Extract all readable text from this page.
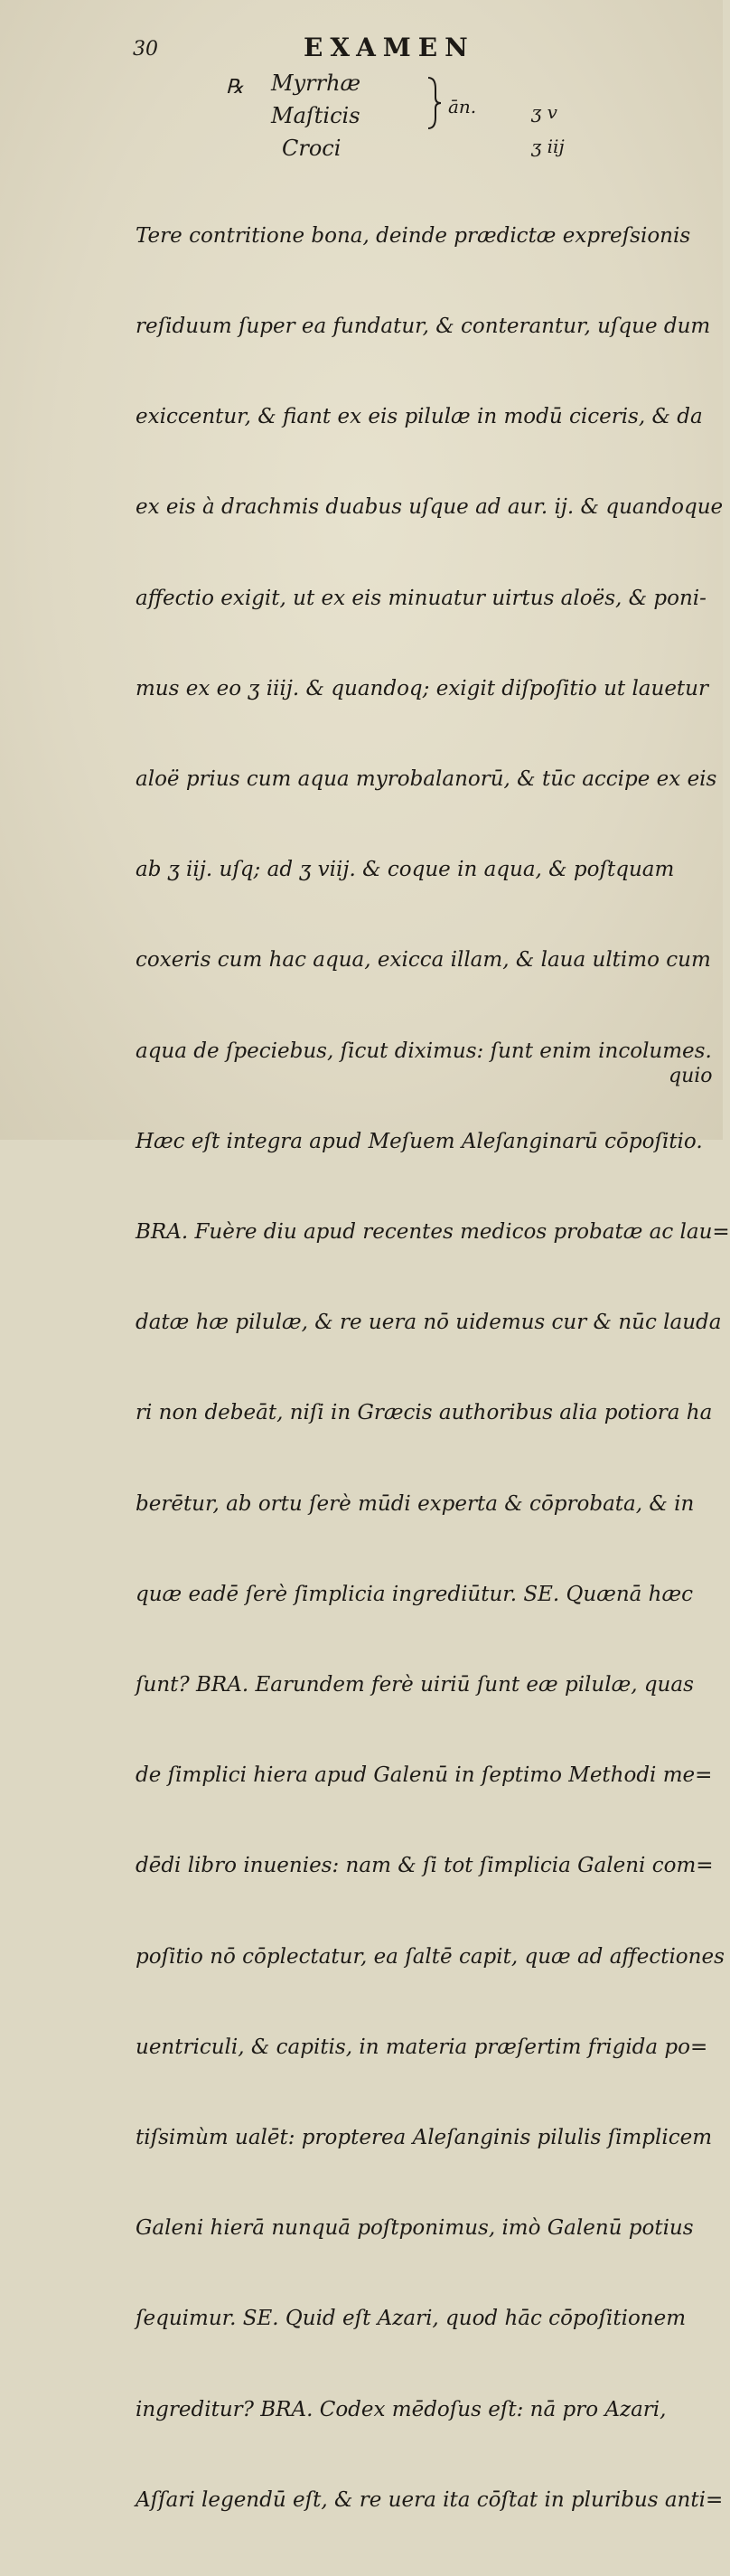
30	EXAMEN
℞ Myrrhæ
Maſticis
Croci
ān.	ʒ v
ʒ iij

Tere contritione bona, deinde prædictæ expreſsionis

reſiduum ſuper ea fundatur, & conterantur, uſque dum

exiccentur, & fiant ex eis pilulæ in modū ciceris, & da

ex eis à drachmis duabus uſque ad aur. ij. & quandoque

affectio exigit, ut ex eis minuatur uirtus aloës, & poni-

mus ex eo ʒ iiij. & quandoq; exigit diſpoſitio ut lauetur

aloë prius cum aqua myrobalanorū, & tūc accipe ex eis

ab ʒ iij. uſq; ad ʒ viij. & coque in aqua, & poſtquam

coxeris cum hac aqua, exicca illam, & laua ultimo cum

aqua de ſpeciebus, ſicut diximus: ſunt enim incolumes.

Hæc eſt integra apud Meſuem Aleſanginarū cōpoſitio.

BRA. Fuère diu apud recentes medicos probatæ ac lau=

datæ hæ pilulæ, & re uera nō uidemus cur & nūc lauda

ri non debeāt, niſi in Græcis authoribus alia potiora ha

berētur, ab ortu ſerè mūdi experta & cōprobata, & in

quæ eadē ſerè ſimplicia ingrediūtur. SE. Quænā hæc

ſunt? BRA. Earundem ferè uiriū ſunt eæ pilulæ, quas

de ſimplici hiera apud Galenū in ſeptimo Methodi me=

dēdi libro inuenies: nam & ſi tot ſimplicia Galeni com=

poſitio nō cōplectatur, ea ſaltē capit, quæ ad affectiones

uentriculi, & capitis, in materia præſertim frigida po=

tiſsimùm ualēt: propterea Aleſanginis pilulis ſimplicem

Galeni hierā nunquā poſtponimus, imò Galenū potius

ſequimur. SE. Quid eſt Azari, quod hāc cōpoſitionem

ingreditur? BRA. Codex mēdoſus eſt: nā pro Azari,

Aſſari legendū eſt, & re uera ita cōſtat in pluribus anti=

quio
